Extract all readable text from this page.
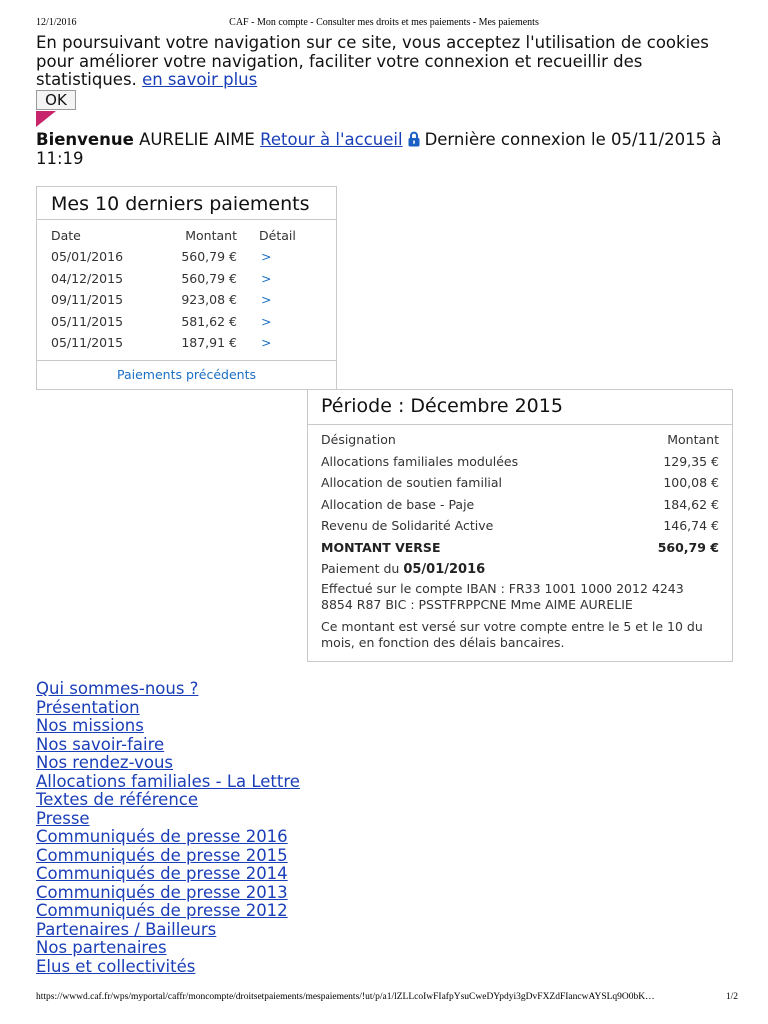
CAF - Mon compte - Consulter mes droits et mes paiements - Mes paiements
12/1/2016
En poursuivant votre navigation sur ce site, vous acceptez l'utilisation de cookies pour améliorer votre navigation, faciliter votre connexion et recueillir des statistiques. en savoir plus
OK
Bienvenue AURELIE AIME Retour à l'accueil Dernière connexion le 05/11/2015 à 11:19
Mes 10 derniers paiements
Date	Montant	Détail
05/01/2016	560,79 €	>
04/12/2015	560,79 €	>
09/11/2015	923,08 €	>
05/11/2015	581,62 €	>
05/11/2015	187,91 €	>
Paiements précédents
Période : Décembre 2015
Désignation	Montant
Allocations familiales modulées	129,35 €
Allocation de soutien familial	100,08 €
Allocation de base - Paje	184,62 €
Revenu de Solidarité Active	146,74 €
MONTANT VERSE	560,79 €
Paiement du 05/01/2016
Effectué sur le compte IBAN : FR33 1001 1000 2012 4243 8854 R87 BIC : PSSTFRPPCNE Mme AIME AURELIE
Ce montant est versé sur votre compte entre le 5 et le 10 du mois, en fonction des délais bancaires.
Qui sommes-nous ?
Présentation
Nos missions
Nos savoir-faire
Nos rendez-vous
Allocations familiales - La Lettre
Textes de référence
Presse
Communiqués de presse 2016
Communiqués de presse 2015
Communiqués de presse 2014
Communiqués de presse 2013
Communiqués de presse 2012
Partenaires / Bailleurs
Nos partenaires
Elus et collectivités
https://wwwd.caf.fr/wps/myportal/caffr/moncompte/droitsetpaiements/mespaiements/!ut/p/a1/lZLLcoIwFIafpYsuCweDYpdyi3gDvFXZdFIancwAYSLq9O0bK…	1/2
